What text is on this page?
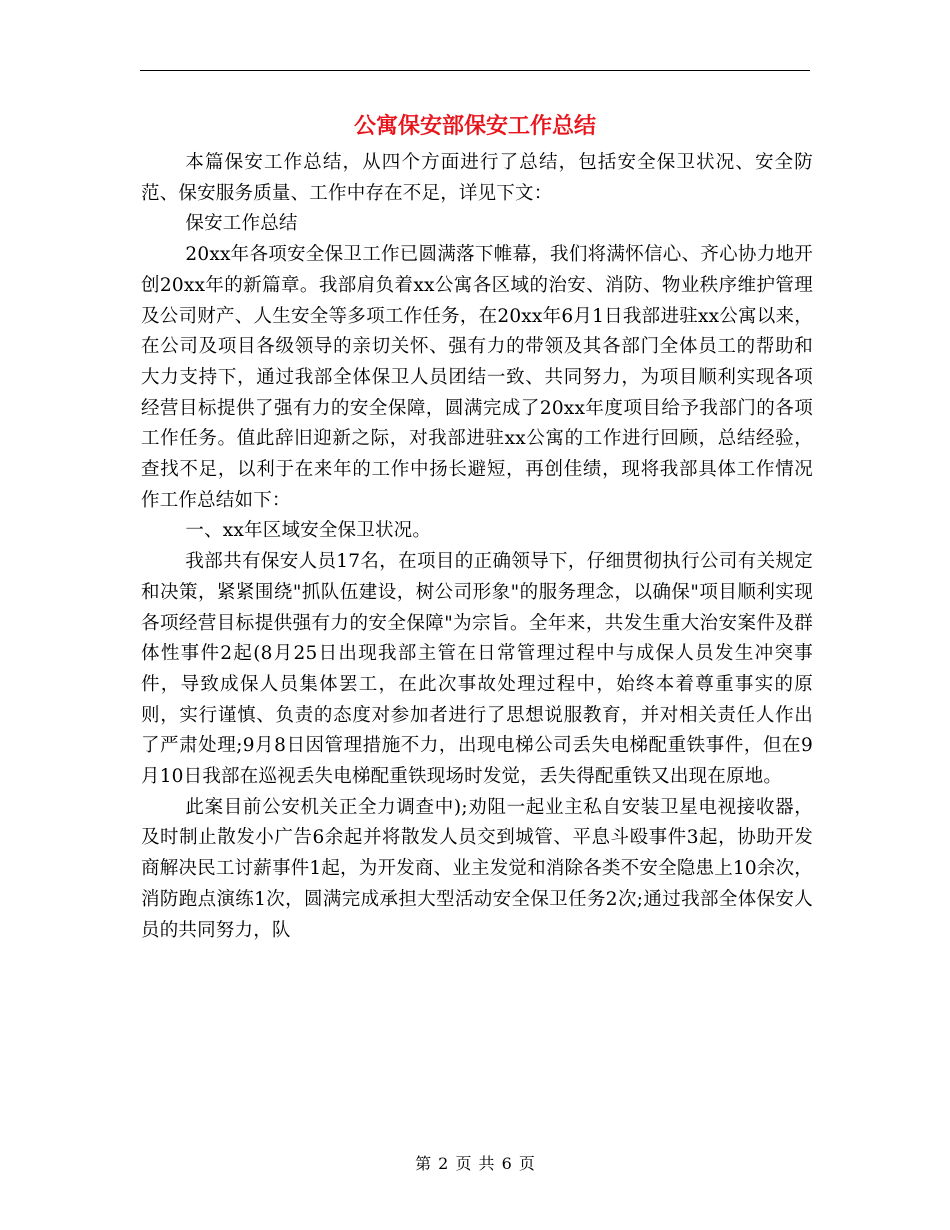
公寓保安部保安工作总结

本篇保安工作总结，从四个方面进行了总结，包括安全保卫状况、安全防范、保安服务质量、工作中存在不足，详见下文：

保安工作总结

20xx年各项安全保卫工作已圆满落下帷幕，我们将满怀信心、齐心协力地开创20xx年的新篇章。我部肩负着xx公寓各区域的治安、消防、物业秩序维护管理及公司财产、人生安全等多项工作任务，在20xx年6月1日我部进驻xx公寓以来，在公司及项目各级领导的亲切关怀、强有力的带领及其各部门全体员工的帮助和大力支持下，通过我部全体保卫人员团结一致、共同努力，为项目顺利实现各项经营目标提供了强有力的安全保障，圆满完成了20xx年度项目给予我部门的各项工作任务。值此辞旧迎新之际，对我部进驻xx公寓的工作进行回顾，总结经验，查找不足，以利于在来年的工作中扬长避短，再创佳绩，现将我部具体工作情况作工作总结如下：

一、xx年区域安全保卫状况。

我部共有保安人员17名，在项目的正确领导下，仔细贯彻执行公司有关规定和决策，紧紧围绕"抓队伍建设，树公司形象"的服务理念，以确保"项目顺利实现各项经营目标提供强有力的安全保障"为宗旨。全年来，共发生重大治安案件及群体性事件2起(8月25日出现我部主管在日常管理过程中与成保人员发生冲突事件，导致成保人员集体罢工，在此次事故处理过程中，始终本着尊重事实的原则，实行谨慎、负责的态度对参加者进行了思想说服教育，并对相关责任人作出了严肃处理;9月8日因管理措施不力，出现电梯公司丢失电梯配重铁事件，但在9月10日我部在巡视丢失电梯配重铁现场时发觉，丢失得配重铁又出现在原地。

此案目前公安机关正全力调查中);劝阻一起业主私自安装卫星电视接收器，及时制止散发小广告6余起并将散发人员交到城管、平息斗殴事件3起，协助开发商解决民工讨薪事件1起，为开发商、业主发觉和消除各类不安全隐患上10余次，消防跑点演练1次，圆满完成承担大型活动安全保卫任务2次;通过我部全体保安人员的共同努力，队

第 2 页 共 6 页
